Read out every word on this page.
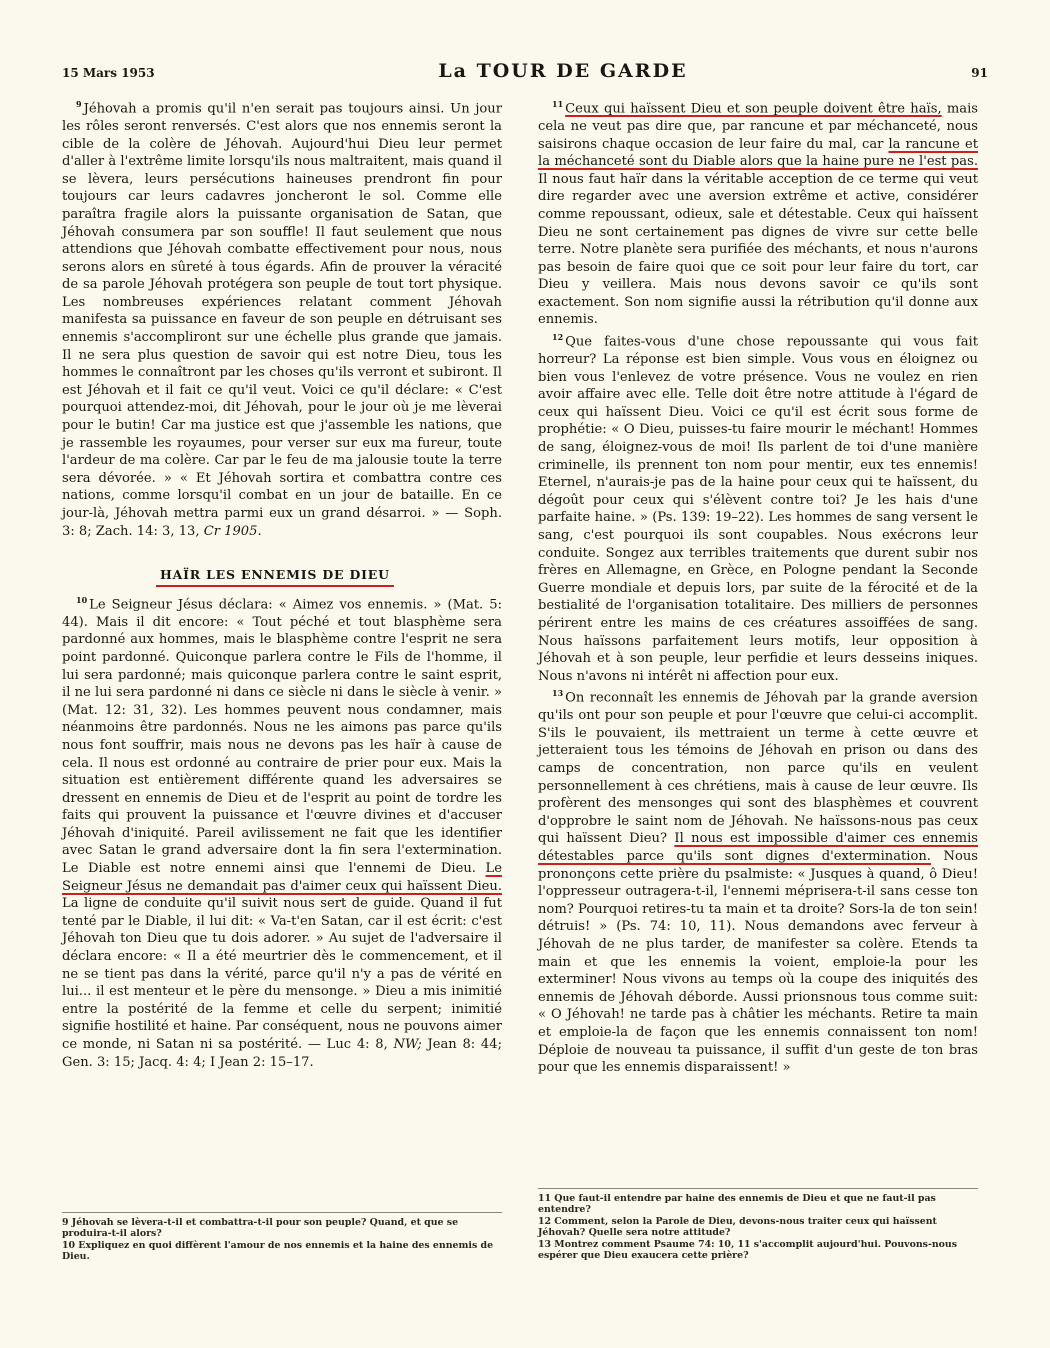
15 Mars 1953	La TOUR DE GARDE	91

$^9$ Jéhovah a promis qu'il n'en serait pas toujours ainsi. Un jour les rôles seront renversés. C'est alors que nos ennemis seront la cible de la colère de Jéhovah. Aujourd'hui Dieu leur permet d'aller à l'extrême limite lorsqu'ils nous maltraitent, mais quand il se lèvera, leurs persécutions haineuses prendront fin pour toujours car leurs cadavres joncheront le sol. Comme elle paraîtra fragile alors la puissante organisation de Satan, que Jéhovah consumera par son souffle! Il faut seulement que nous attendions que Jéhovah combatte effectivement pour nous, nous serons alors en sûreté à tous égards. Afin de prouver la véracité de sa parole Jéhovah protégera son peuple de tout tort physique. Les nombreuses expériences relatant comment Jéhovah manifesta sa puissance en faveur de son peuple en détruisant ses ennemis s'accompliront sur une échelle plus grande que jamais. Il ne sera plus question de savoir qui est notre Dieu, tous les hommes le connaîtront par les choses qu'ils verront et subiront. Il est Jéhovah et il fait ce qu'il veut. Voici ce qu'il déclare: « C'est pourquoi attendez-moi, dit Jéhovah, pour le jour où je me lèverai pour le butin! Car ma justice est que j'assemble les nations, que je rassemble les royaumes, pour verser sur eux ma fureur, toute l'ardeur de ma colère. Car par le feu de ma jalousie toute la terre sera dévorée. » « Et Jéhovah sortira et combattra contre ces nations, comme lorsqu'il combat en un jour de bataille. En ce jour-là, Jéhovah mettra parmi eux un grand désarroi. » — Soph. 3: 8; Zach. 14: 3, 13, Cr 1905.

HAÏR LES ENNEMIS DE DIEU

$^{10}$ Le Seigneur Jésus déclara: « Aimez vos ennemis. » (Mat. 5: 44). Mais il dit encore: « Tout péché et tout blasphème sera pardonné aux hommes, mais le blasphème contre l'esprit ne sera point pardonné. Quiconque parlera contre le Fils de l'homme, il lui sera pardonné; mais quiconque parlera contre le saint esprit, il ne lui sera pardonné ni dans ce siècle ni dans le siècle à venir. » (Mat. 12: 31, 32). Les hommes peuvent nous condamner, mais néanmoins être pardonnés. Nous ne les aimons pas parce qu'ils nous font souffrir, mais nous ne devons pas les haïr à cause de cela. Il nous est ordonné au contraire de prier pour eux. Mais la situation est entièrement différente quand les adversaires se dressent en ennemis de Dieu et de l'esprit au point de tordre les faits qui prouvent la puissance et l'œuvre divines et d'accuser Jéhovah d'iniquité. Pareil avilissement ne fait que les identifier avec Satan le grand adversaire dont la fin sera l'extermination. Le Diable est notre ennemi ainsi que l'ennemi de Dieu. Le Seigneur Jésus ne demandait pas d'aimer ceux qui haïssent Dieu. La ligne de conduite qu'il suivit nous sert de guide. Quand il fut tenté par le Diable, il lui dit: « Va-t'en Satan, car il est écrit: c'est Jéhovah ton Dieu que tu dois adorer. » Au sujet de l'adversaire il déclara encore: « Il a été meurtrier dès le commencement, et il ne se tient pas dans la vérité, parce qu'il n'y a pas de vérité en lui... il est menteur et le père du mensonge. » Dieu a mis inimitié entre la postérité de la femme et celle du serpent; inimitié signifie hostilité et haine. Par conséquent, nous ne pouvons aimer ce monde, ni Satan ni sa postérité. — Luc 4: 8, NW; Jean 8: 44; Gen. 3: 15; Jacq. 4: 4; I Jean 2: 15–17.

9 Jéhovah se lèvera-t-il et combattra-t-il pour son peuple? Quand, et que se produira-t-il alors?
10 Expliquez en quoi diffèrent l'amour de nos ennemis et la haine des ennemis de Dieu.

$^{11}$ Ceux qui haïssent Dieu et son peuple doivent être haïs, mais cela ne veut pas dire que, par rancune et par méchanceté, nous saisirons chaque occasion de leur faire du mal, car la rancune et la méchanceté sont du Diable alors que la haine pure ne l'est pas. Il nous faut haïr dans la véritable acception de ce terme qui veut dire regarder avec une aversion extrême et active, considérer comme repoussant, odieux, sale et détestable. Ceux qui haïssent Dieu ne sont certainement pas dignes de vivre sur cette belle terre. Notre planète sera purifiée des méchants, et nous n'aurons pas besoin de faire quoi que ce soit pour leur faire du tort, car Dieu y veillera. Mais nous devons savoir ce qu'ils sont exactement. Son nom signifie aussi la rétribution qu'il donne aux ennemis.

$^{12}$ Que faites-vous d'une chose repoussante qui vous fait horreur? La réponse est bien simple. Vous vous en éloignez ou bien vous l'enlevez de votre présence. Vous ne voulez en rien avoir affaire avec elle. Telle doit être notre attitude à l'égard de ceux qui haïssent Dieu. Voici ce qu'il est écrit sous forme de prophétie: « O Dieu, puisses-tu faire mourir le méchant! Hommes de sang, éloignez-vous de moi! Ils parlent de toi d'une manière criminelle, ils prennent ton nom pour mentir, eux tes ennemis! Eternel, n'aurais-je pas de la haine pour ceux qui te haïssent, du dégoût pour ceux qui s'élèvent contre toi? Je les hais d'une parfaite haine. » (Ps. 139: 19–22). Les hommes de sang versent le sang, c'est pourquoi ils sont coupables. Nous exécrons leur conduite. Songez aux terribles traitements que durent subir nos frères en Allemagne, en Grèce, en Pologne pendant la Seconde Guerre mondiale et depuis lors, par suite de la férocité et de la bestialité de l'organisation totalitaire. Des milliers de personnes périrent entre les mains de ces créatures assoiffées de sang. Nous haïssons parfaitement leurs motifs, leur opposition à Jéhovah et à son peuple, leur perfidie et leurs desseins iniques. Nous n'avons ni intérêt ni affection pour eux.

$^{13}$ On reconnaît les ennemis de Jéhovah par la grande aversion qu'ils ont pour son peuple et pour l'œuvre que celui-ci accomplit. S'ils le pouvaient, ils mettraient un terme à cette œuvre et jetteraient tous les témoins de Jéhovah en prison ou dans des camps de concentration, non parce qu'ils en veulent personnellement à ces chrétiens, mais à cause de leur œuvre. Ils profèrent des mensonges qui sont des blasphèmes et couvrent d'opprobre le saint nom de Jéhovah. Ne haïssons-nous pas ceux qui haïssent Dieu? Il nous est impossible d'aimer ces ennemis détestables parce qu'ils sont dignes d'extermination. Nous prononçons cette prière du psalmiste: « Jusques à quand, ô Dieu! l'oppresseur outragera-t-il, l'ennemi méprisera-t-il sans cesse ton nom? Pourquoi retires-tu ta main et ta droite? Sors-la de ton sein! détruis! » (Ps. 74: 10, 11). Nous demandons avec ferveur à Jéhovah de ne plus tarder, de manifester sa colère. Etends ta main et que les ennemis la voient, emploie-la pour les exterminer! Nous vivons au temps où la coupe des iniquités des ennemis de Jéhovah déborde. Aussi prionsnous tous comme suit: « O Jéhovah! ne tarde pas à châtier les méchants. Retire ta main et emploie-la de façon que les ennemis connaissent ton nom! Déploie de nouveau ta puissance, il suffit d'un geste de ton bras pour que les ennemis disparaissent! »

11 Que faut-il entendre par haine des ennemis de Dieu et que ne faut-il pas entendre?
12 Comment, selon la Parole de Dieu, devons-nous traiter ceux qui haïssent Jéhovah? Quelle sera notre attitude?
13 Montrez comment Psaume 74: 10, 11 s'accomplit aujourd'hui. Pouvons-nous espérer que Dieu exaucera cette prière?
